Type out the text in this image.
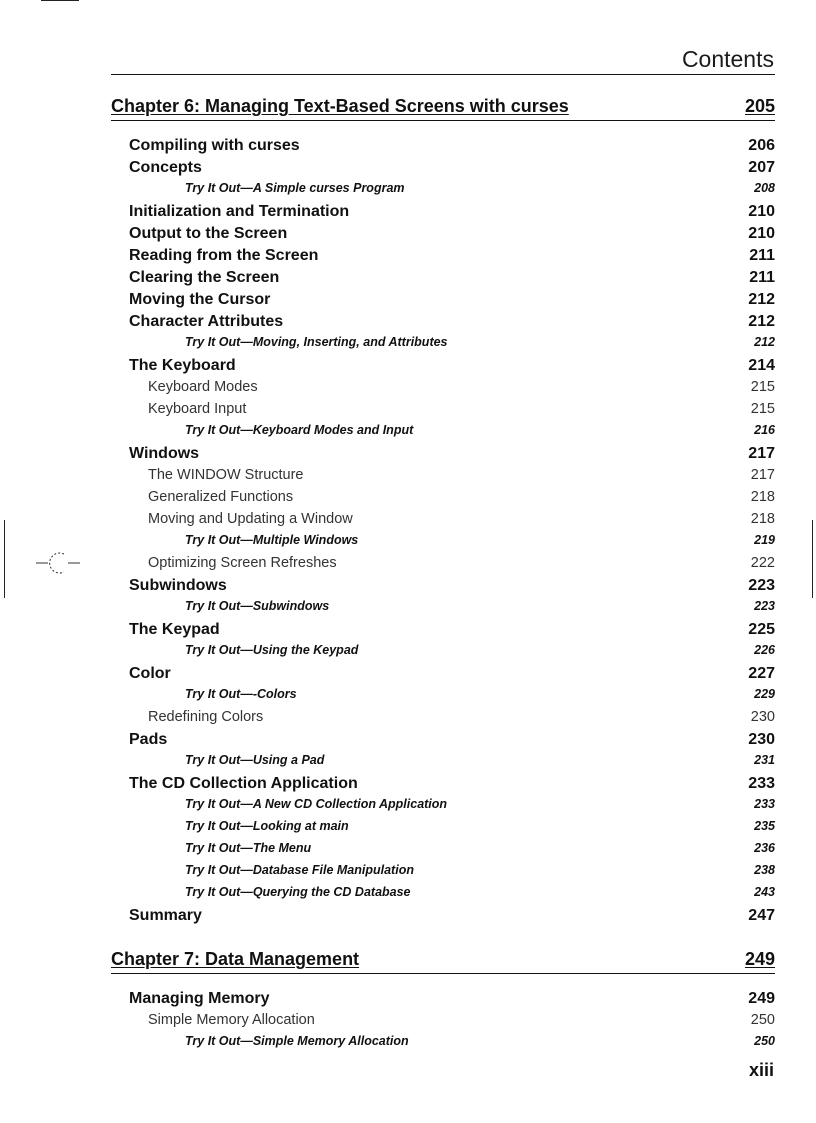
Contents
Chapter 6: Managing Text-Based Screens with curses	205
Compiling with curses	206
Concepts	207
Try It Out—A Simple curses Program	208
Initialization and Termination	210
Output to the Screen	210
Reading from the Screen	211
Clearing the Screen	211
Moving the Cursor	212
Character Attributes	212
Try It Out—Moving, Inserting, and Attributes	212
The Keyboard	214
Keyboard Modes	215
Keyboard Input	215
Try It Out—Keyboard Modes and Input	216
Windows	217
The WINDOW Structure	217
Generalized Functions	218
Moving and Updating a Window	218
Try It Out—Multiple Windows	219
Optimizing Screen Refreshes	222
Subwindows	223
Try It Out—Subwindows	223
The Keypad	225
Try It Out—Using the Keypad	226
Color	227
Try It Out—-Colors	229
Redefining Colors	230
Pads	230
Try It Out—Using a Pad	231
The CD Collection Application	233
Try It Out—A New CD Collection Application	233
Try It Out—Looking at main	235
Try It Out—The Menu	236
Try It Out—Database File Manipulation	238
Try It Out—Querying the CD Database	243
Summary	247
Chapter 7: Data Management	249
Managing Memory	249
Simple Memory Allocation	250
Try It Out—Simple Memory Allocation	250
xiii
